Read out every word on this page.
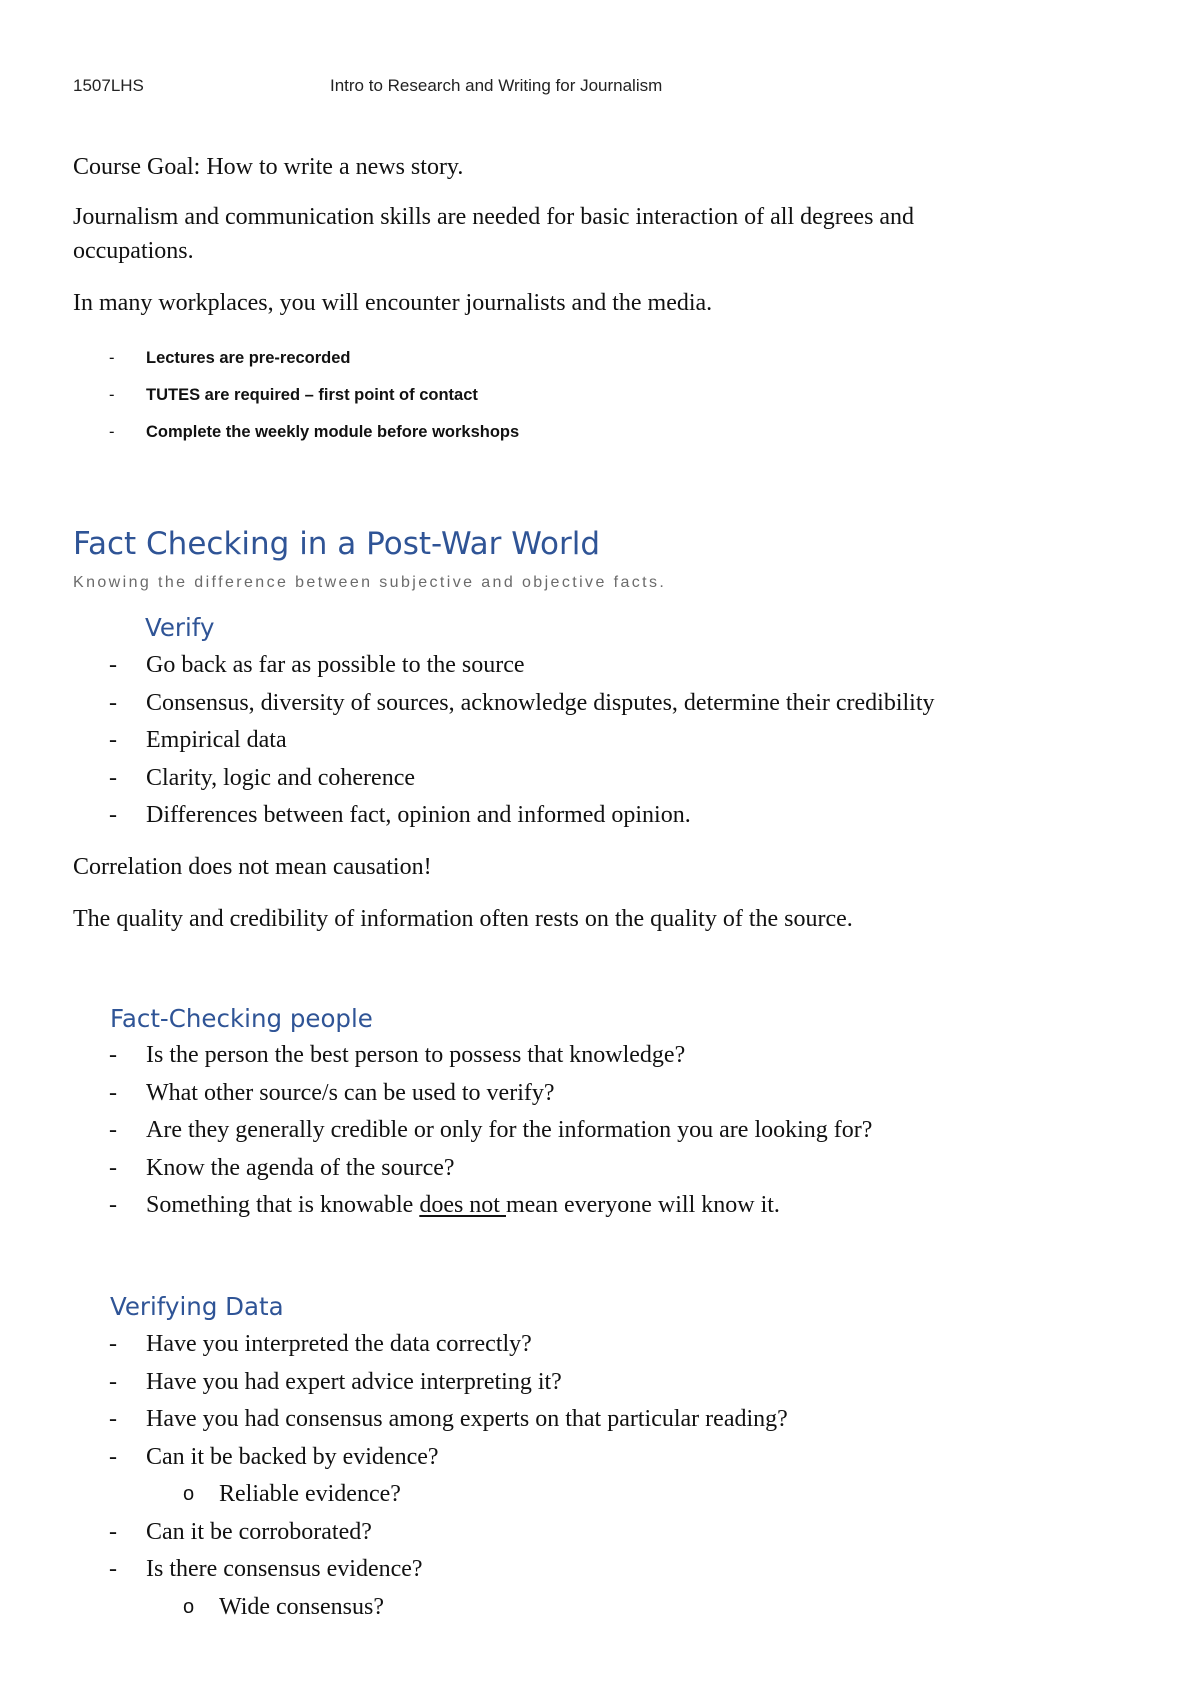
1507LHS	Intro to Research and Writing for Journalism

Course Goal: How to write a news story.

Journalism and communication skills are needed for basic interaction of all degrees and
occupations.

In many workplaces, you will encounter journalists and the media.

- Lectures are pre-recorded
- TUTES are required – first point of contact
- Complete the weekly module before workshops
Fact Checking in a Post-War World

Knowing the difference between subjective and objective facts.

Verify
- Go back as far as possible to the source
- Consensus, diversity of sources, acknowledge disputes, determine their credibility
- Empirical data
- Clarity, logic and coherence
- Differences between fact, opinion and informed opinion.

Correlation does not mean causation!

The quality and credibility of information often rests on the quality of the source.

Fact-Checking people
- Is the person the best person to possess that knowledge?
- What other source/s can be used to verify?
- Are they generally credible or only for the information you are looking for?
- Know the agenda of the source?
- Something that is knowable does not mean everyone will know it.
Verifying Data
- Have you interpreted the data correctly?
- Have you had expert advice interpreting it?
- Have you had consensus among experts on that particular reading?
- Can it be backed by evidence?
o Reliable evidence?
- Can it be corroborated?
- Is there consensus evidence?
o Wide consensus?
